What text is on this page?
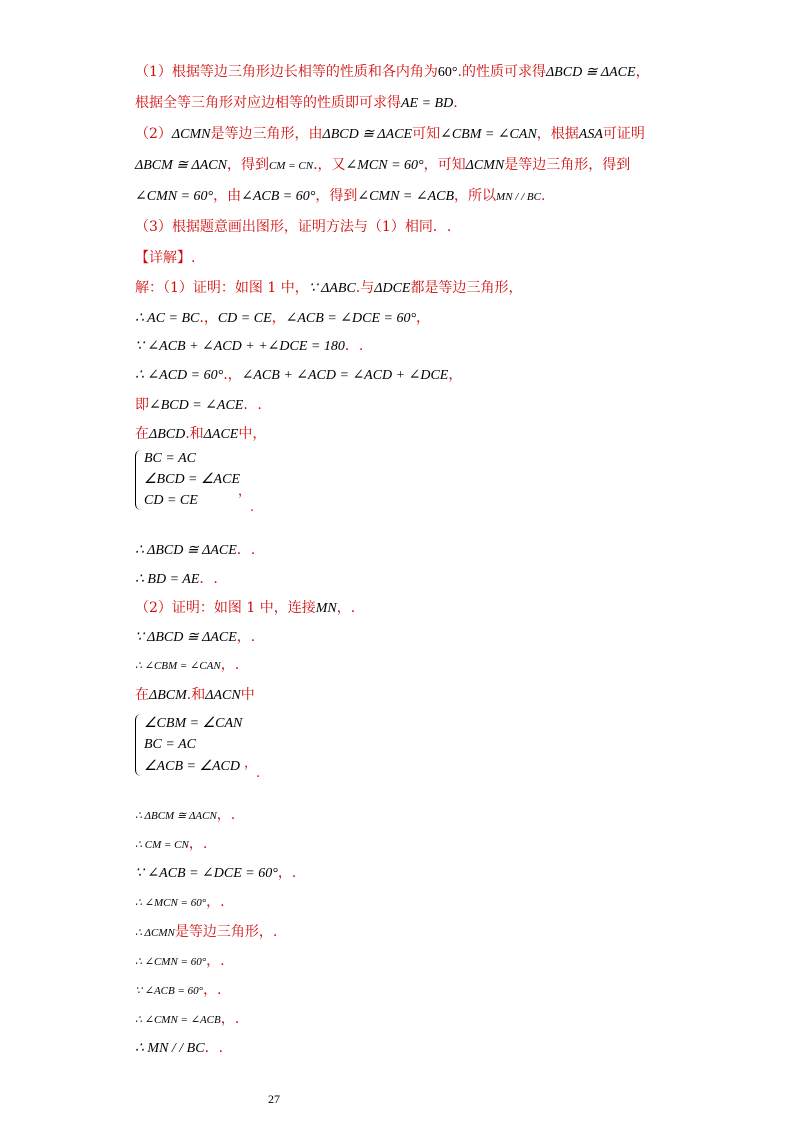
（1）根据等边三角形边长相等的性质和各内角为60°.的性质可求得ΔBCD ≅ ΔACE，
根据全等三角形对应边相等的性质即可求得AE = BD.
（2）ΔCMN是等边三角形，由ΔBCD ≅ ΔACE可知∠CBM = ∠CAN，根据ASA可证明
ΔBCM ≅ ΔACN，得到CM = CN.，又∠MCN = 60°，可知ΔCMN是等边三角形，得到
∠CMN = 60°，由∠ACB = 60°，得到∠CMN = ∠ACB，所以MN / / BC.
（3）根据题意画出图形，证明方法与（1）相同．.
【详解】.
解：（1）证明：如图 1 中，∵ ΔABC.与ΔDCE都是等边三角形，
∴ AC = BC.，CD = CE，∠ACB = ∠DCE = 60°，
∵ ∠ACB + ∠ACD + +∠DCE = 180．.
∴ ∠ACD = 60°.，∠ACB + ∠ACD = ∠ACD + ∠DCE，
即∠BCD = ∠ACE．.
在ΔBCD.和ΔACE中，
BC = AC
∠BCD = ∠ACE
CD = CE
，
.
∴ ΔBCD ≅ ΔACE．.
∴ BD = AE．.
（2）证明：如图 1 中，连接MN，.
∵ ΔBCD ≅ ΔACE，.
∴ ∠CBM = ∠CAN，.
在ΔBCM.和ΔACN中
∠CBM = ∠CAN
BC = AC
∠ACB = ∠ACD ，
.
∴ ΔBCM ≅ ΔACN，.
∴ CM = CN，.
∵ ∠ACB = ∠DCE = 60°，.
∴ ∠MCN = 60°，.
∴ ΔCMN是等边三角形，.
∴ ∠CMN = 60°，.
∵ ∠ACB = 60°，.
∴ ∠CMN = ∠ACB，.
∴ MN / / BC．.
27
